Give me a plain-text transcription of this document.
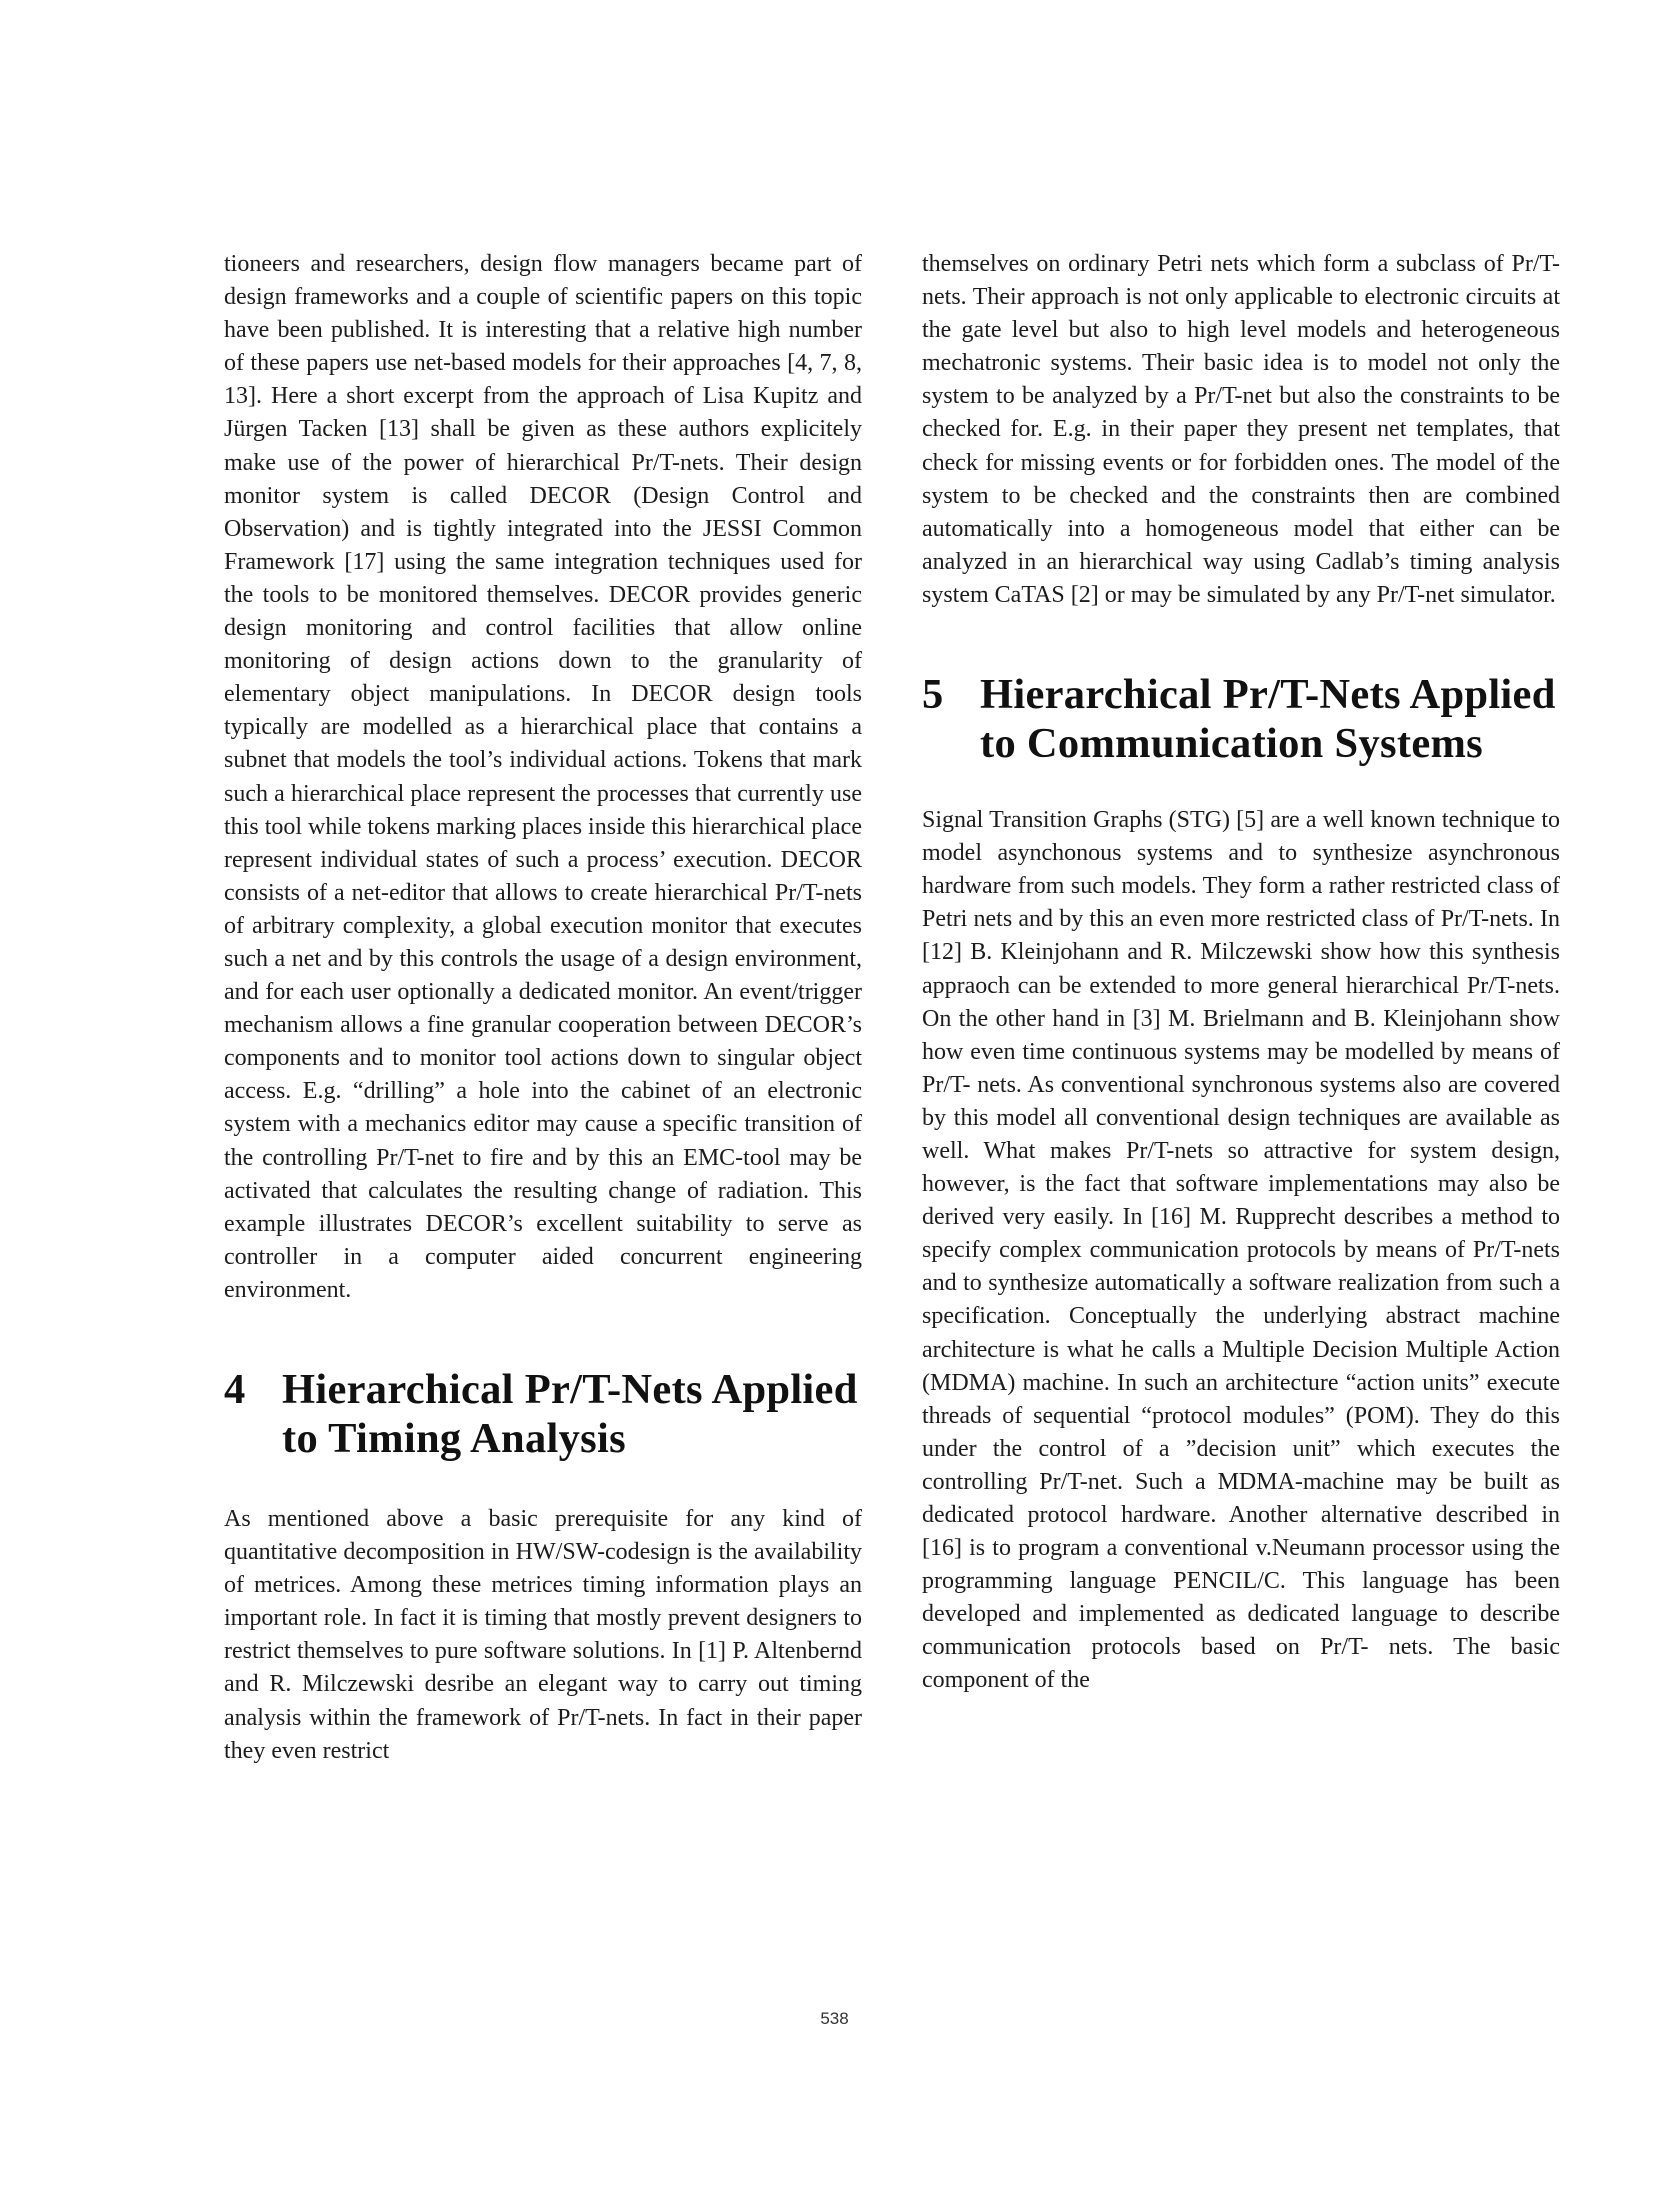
tioneers and researchers, design flow managers became part of design frameworks and a couple of scientific papers on this topic have been published. It is interesting that a relative high number of these papers use net-based models for their approaches [4, 7, 8, 13]. Here a short excerpt from the approach of Lisa Kupitz and Jürgen Tacken [13] shall be given as these authors explicitely make use of the power of hierarchical Pr/T-nets. Their design monitor system is called DECOR (Design Control and Observation) and is tightly integrated into the JESSI Common Framework [17] using the same integration techniques used for the tools to be monitored themselves. DECOR provides generic design monitoring and control facilities that allow online monitoring of design actions down to the granularity of elementary object manipulations. In DECOR design tools typically are modelled as a hierarchical place that contains a subnet that models the tool’s individual actions. Tokens that mark such a hierarchical place represent the processes that currently use this tool while tokens marking places inside this hierarchical place represent individual states of such a process’ execution. DECOR consists of a net-editor that allows to create hierarchical Pr/T-nets of arbitrary complexity, a global execution monitor that executes such a net and by this controls the usage of a design environment, and for each user optionally a dedicated monitor. An event/trigger mechanism allows a fine granular cooperation between DECOR’s components and to monitor tool actions down to singular object access. E.g. “drilling” a hole into the cabinet of an electronic system with a mechanics editor may cause a specific transition of the controlling Pr/T-net to fire and by this an EMC-tool may be activated that calculates the resulting change of radiation. This example illustrates DECOR’s excellent suitability to serve as controller in a computer aided concurrent engineering environment.

4 Hierarchical Pr/T-Nets Applied to Timing Analysis

As mentioned above a basic prerequisite for any kind of quantitative decomposition in HW/SW-codesign is the availability of metrices. Among these metrices timing information plays an important role. In fact it is timing that mostly prevent designers to restrict themselves to pure software solutions. In [1] P. Altenbernd and R. Milczewski desribe an elegant way to carry out timing analysis within the framework of Pr/T-nets. In fact in their paper they even restrict

themselves on ordinary Petri nets which form a subclass of Pr/T- nets. Their approach is not only applicable to electronic circuits at the gate level but also to high level models and heterogeneous mechatronic systems. Their basic idea is to model not only the system to be analyzed by a Pr/T-net but also the constraints to be checked for. E.g. in their paper they present net templates, that check for missing events or for forbidden ones. The model of the system to be checked and the constraints then are combined automatically into a homogeneous model that either can be analyzed in an hierarchical way using Cadlab’s timing analysis system CaTAS [2] or may be simulated by any Pr/T-net simulator.

5 Hierarchical Pr/T-Nets Applied to Communication Systems

Signal Transition Graphs (STG) [5] are a well known technique to model asynchonous systems and to synthesize asynchronous hardware from such models. They form a rather restricted class of Petri nets and by this an even more restricted class of Pr/T-nets. In [12] B. Kleinjohann and R. Milczewski show how this synthesis appraoch can be extended to more general hierarchical Pr/T-nets. On the other hand in [3] M. Brielmann and B. Kleinjohann show how even time continuous systems may be modelled by means of Pr/T- nets. As conventional synchronous systems also are covered by this model all conventional design techniques are available as well. What makes Pr/T-nets so attractive for system design, however, is the fact that software implementations may also be derived very easily. In [16] M. Rupprecht describes a method to specify complex communication protocols by means of Pr/T-nets and to synthesize automatically a software realization from such a specification. Conceptually the underlying abstract machine architecture is what he calls a Multiple Decision Multiple Action (MDMA) machine. In such an architecture “action units” execute threads of sequential “protocol modules” (POM). They do this under the control of a ”decision unit” which executes the controlling Pr/T-net. Such a MDMA-machine may be built as dedicated protocol hardware. Another alternative described in [16] is to program a conventional v.Neumann processor using the programming language PENCIL/C. This language has been developed and implemented as dedicated language to describe communication protocols based on Pr/T- nets. The basic component of the

538
